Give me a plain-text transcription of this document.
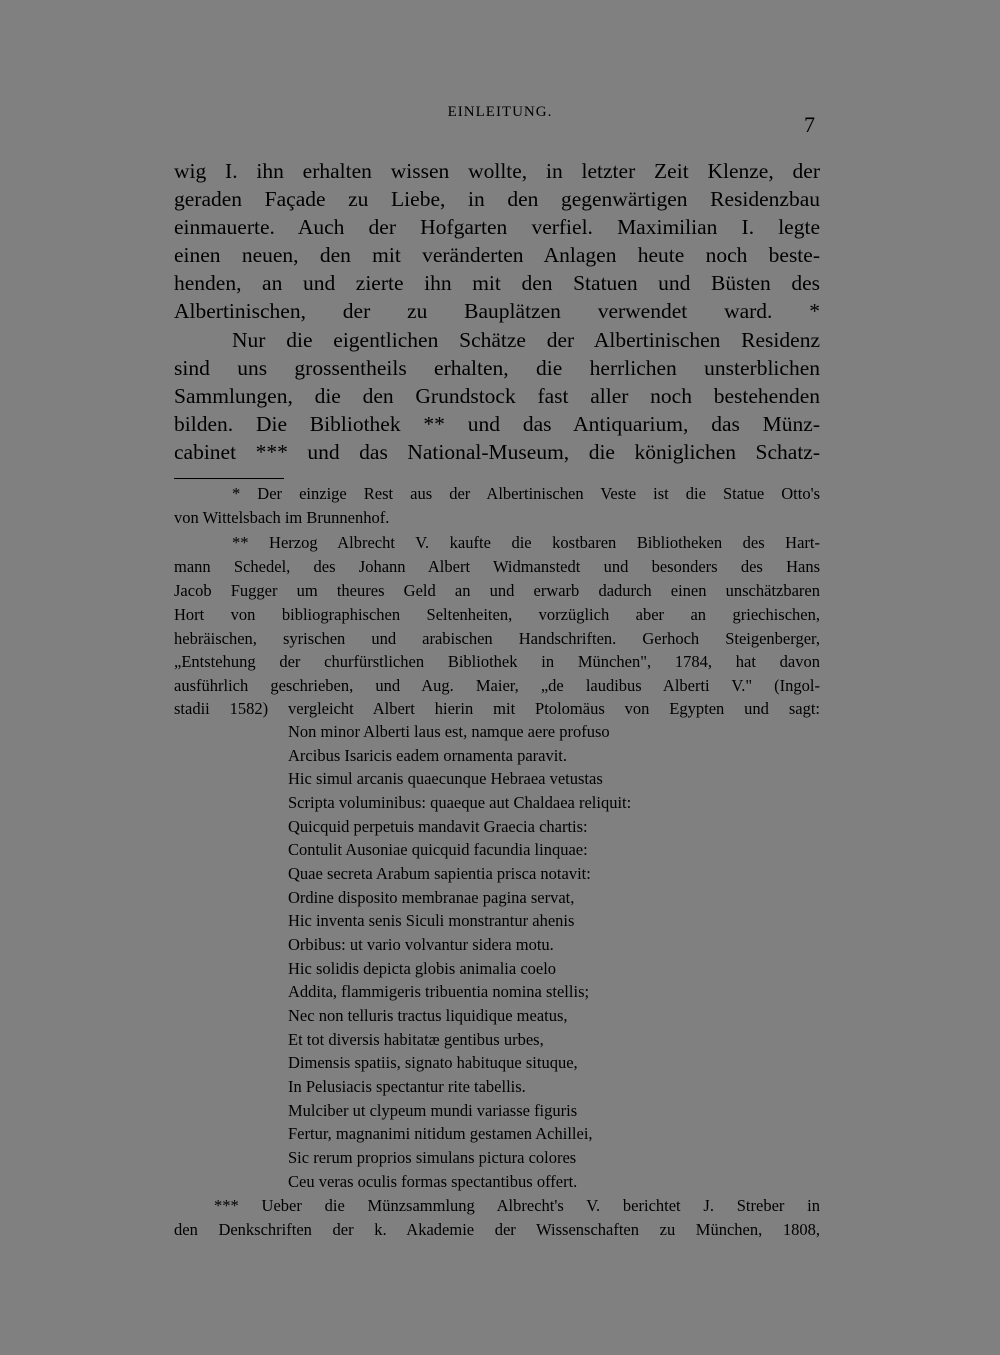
EINLEITUNG.	7
wig I. ihn erhalten wissen wollte, in letzter Zeit Klenze, der
geraden Façade zu Liebe, in den gegenwärtigen Residenzbau
einmauerte. Auch der Hofgarten verfiel. Maximilian I. legte
einen neuen, den mit veränderten Anlagen heute noch beste-
henden, an und zierte ihn mit den Statuen und Büsten des
Albertinischen, der zu Bauplätzen verwendet ward. *
Nur die eigentlichen Schätze der Albertinischen Residenz
sind uns grossentheils erhalten, die herrlichen unsterblichen
Sammlungen, die den Grundstock fast aller noch bestehenden
bilden. Die Bibliothek ** und das Antiquarium, das Münz-
cabinet *** und das National-Museum, die königlichen Schatz-
* Der einzige Rest aus der Albertinischen Veste ist die Statue Otto's
von Wittelsbach im Brunnenhof.
** Herzog Albrecht V. kaufte die kostbaren Bibliotheken des Hart-
mann Schedel, des Johann Albert Widmanstedt und besonders des Hans
Jacob Fugger um theures Geld an und erwarb dadurch einen unschätzbaren
Hort von bibliographischen Seltenheiten, vorzüglich aber an griechischen,
hebräischen, syrischen und arabischen Handschriften. Gerhoch Steigenberger,
„Entstehung der churfürstlichen Bibliothek in München", 1784, hat davon
ausführlich geschrieben, und Aug. Maier, „de laudibus Alberti V." (Ingol-
stadii 1582) vergleicht Albert hierin mit Ptolomäus von Egypten und sagt:
Non minor Alberti laus est, namque aere profuso
Arcibus Isaricis eadem ornamenta paravit.
Hic simul arcanis quaecunque Hebraea vetustas
Scripta voluminibus: quaeque aut Chaldaea reliquit:
Quicquid perpetuis mandavit Graecia chartis:
Contulit Ausoniae quicquid facundia linquae:
Quae secreta Arabum sapientia prisca notavit:
Ordine disposito membranae pagina servat,
Hic inventa senis Siculi monstrantur ahenis
Orbibus: ut vario volvantur sidera motu.
Hic solidis depicta globis animalia coelo
Addita, flammigeris tribuentia nomina stellis;
Nec non telluris tractus liquidique meatus,
Et tot diversis habitatæ gentibus urbes,
Dimensis spatiis, signato habituque situque,
In Pelusiacis spectantur rite tabellis.
Mulciber ut clypeum mundi variasse figuris
Fertur, magnanimi nitidum gestamen Achillei,
Sic rerum proprios simulans pictura colores
Ceu veras oculis formas spectantibus offert.
*** Ueber die Münzsammlung Albrecht's V. berichtet J. Streber in
den Denkschriften der k. Akademie der Wissenschaften zu München, 1808,
